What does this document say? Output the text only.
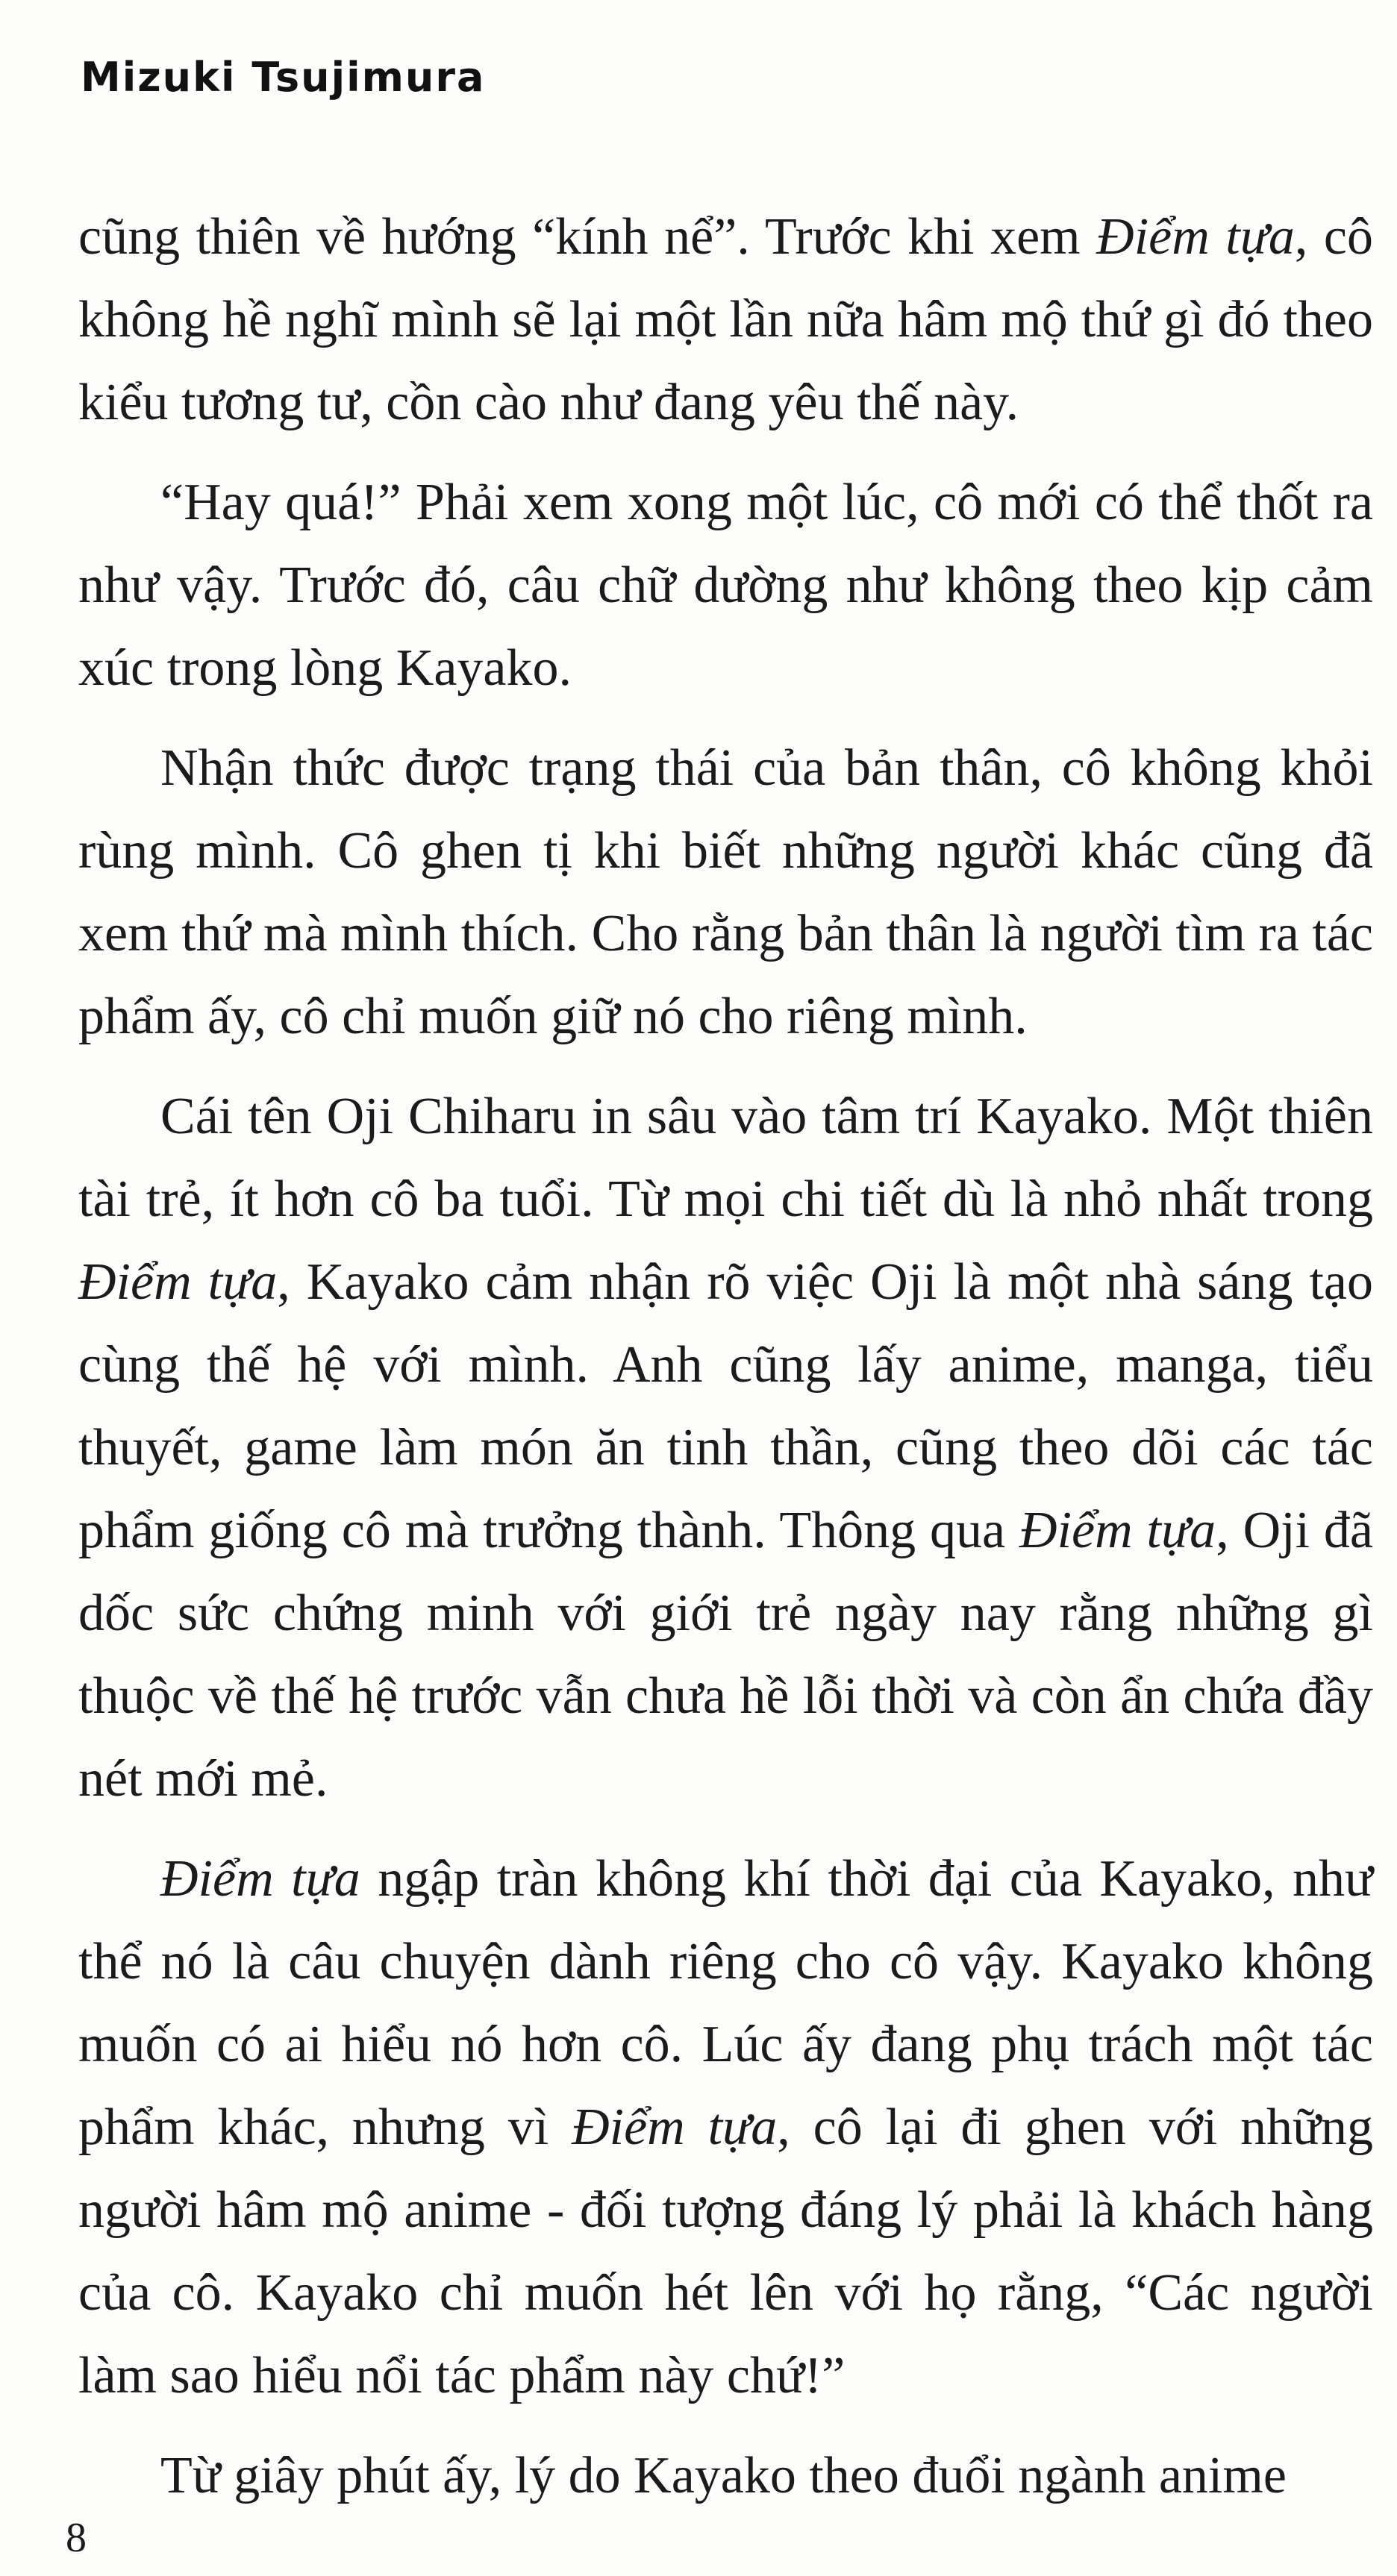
Mizuki Tsujimura

cũng thiên về hướng “kính nể”. Trước khi xem Điểm tựa, cô không hề nghĩ mình sẽ lại một lần nữa hâm mộ thứ gì đó theo kiểu tương tư, cồn cào như đang yêu thế này.

“Hay quá!” Phải xem xong một lúc, cô mới có thể thốt ra như vậy. Trước đó, câu chữ dường như không theo kịp cảm xúc trong lòng Kayako.

Nhận thức được trạng thái của bản thân, cô không khỏi rùng mình. Cô ghen tị khi biết những người khác cũng đã xem thứ mà mình thích. Cho rằng bản thân là người tìm ra tác phẩm ấy, cô chỉ muốn giữ nó cho riêng mình.

Cái tên Oji Chiharu in sâu vào tâm trí Kayako. Một thiên tài trẻ, ít hơn cô ba tuổi. Từ mọi chi tiết dù là nhỏ nhất trong Điểm tựa, Kayako cảm nhận rõ việc Oji là một nhà sáng tạo cùng thế hệ với mình. Anh cũng lấy anime, manga, tiểu thuyết, game làm món ăn tinh thần, cũng theo dõi các tác phẩm giống cô mà trưởng thành. Thông qua Điểm tựa, Oji đã dốc sức chứng minh với giới trẻ ngày nay rằng những gì thuộc về thế hệ trước vẫn chưa hề lỗi thời và còn ẩn chứa đầy nét mới mẻ.

Điểm tựa ngập tràn không khí thời đại của Kayako, như thể nó là câu chuyện dành riêng cho cô vậy. Kayako không muốn có ai hiểu nó hơn cô. Lúc ấy đang phụ trách một tác phẩm khác, nhưng vì Điểm tựa, cô lại đi ghen với những người hâm mộ anime - đối tượng đáng lý phải là khách hàng của cô. Kayako chỉ muốn hét lên với họ rằng, “Các người làm sao hiểu nổi tác phẩm này chứ!”

Từ giây phút ấy, lý do Kayako theo đuổi ngành anime

8
